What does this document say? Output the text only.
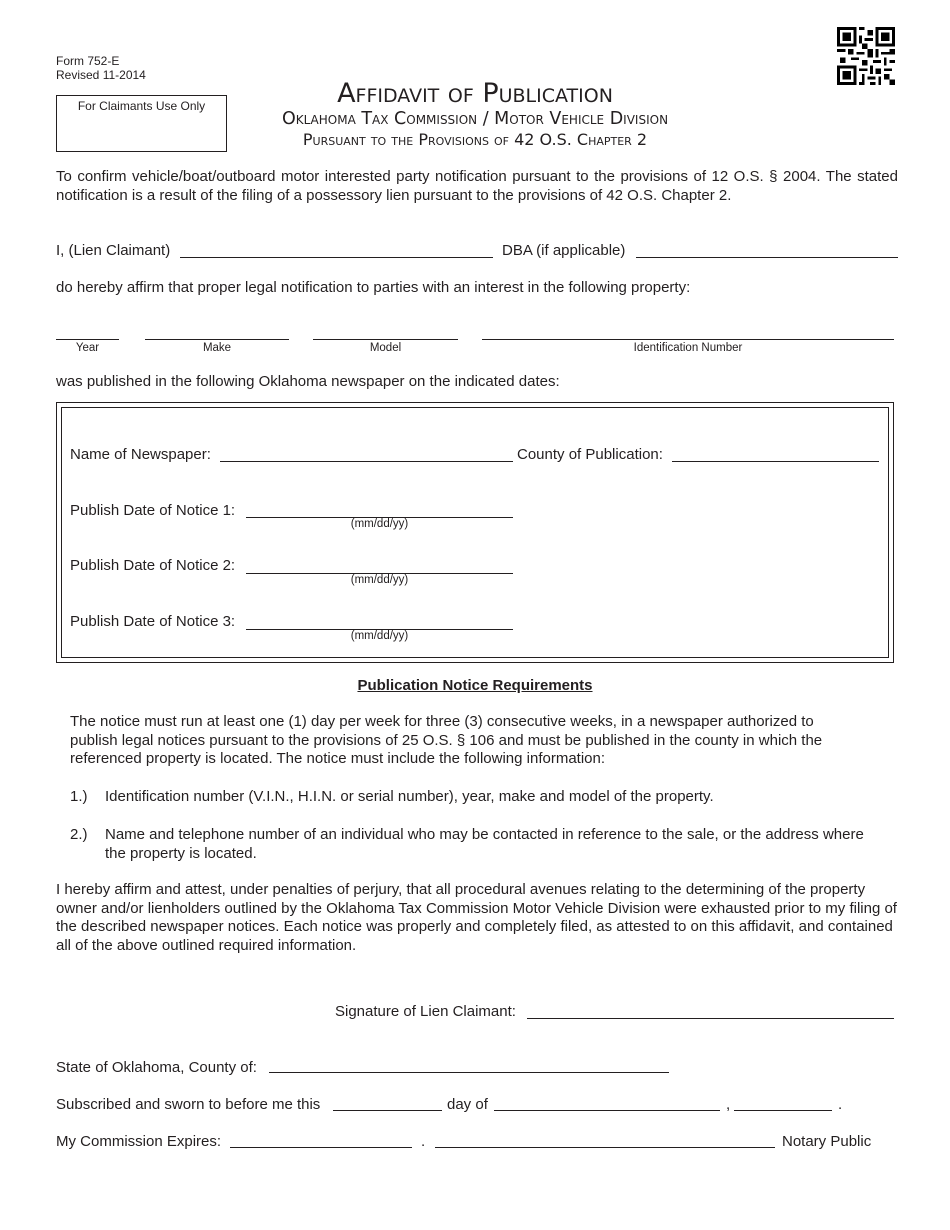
Form 752-E
Revised 11-2014
For Claimants Use Only	Affidavit of Publication
Oklahoma Tax Commission / Motor Vehicle Division
Pursuant to the Provisions of 42 O.S. Chapter 2
To confirm vehicle/boat/outboard motor interested party notification pursuant to the provisions of 12 O.S. § 2004. The stated notification is a result of the filing of a possessory lien pursuant to the provisions of 42 O.S. Chapter 2.
I, (Lien Claimant)	DBA (if applicable)
do hereby affirm that proper legal notification to parties with an interest in the following property:
Year	Make	Model	Identification Number
was published in the following Oklahoma newspaper on the indicated dates:
Name of Newspaper:	County of Publication:
Publish Date of Notice 1:
(mm/dd/yy)
Publish Date of Notice 2:
(mm/dd/yy)
Publish Date of Notice 3:
(mm/dd/yy)
Publication Notice Requirements
The notice must run at least one (1) day per week for three (3) consecutive weeks, in a newspaper authorized to publish legal notices pursuant to the provisions of 25 O.S. § 106 and must be published in the county in which the referenced property is located. The notice must include the following information:
1.) Identification number (V.I.N., H.I.N. or serial number), year, make and model of the property.
2.) Name and telephone number of an individual who may be contacted in reference to the sale, or the address where the property is located.
I hereby affirm and attest, under penalties of perjury, that all procedural avenues relating to the determining of the property owner and/or lienholders outlined by the Oklahoma Tax Commission Motor Vehicle Division were exhausted prior to my filing of the described newspaper notices. Each notice was properly and completely filed, as attested to on this affidavit, and contained all of the above outlined required information.
Signature of Lien Claimant:
State of Oklahoma, County of:
Subscribed and sworn to before me this	day of	,	.
My Commission Expires:	.	Notary Public
